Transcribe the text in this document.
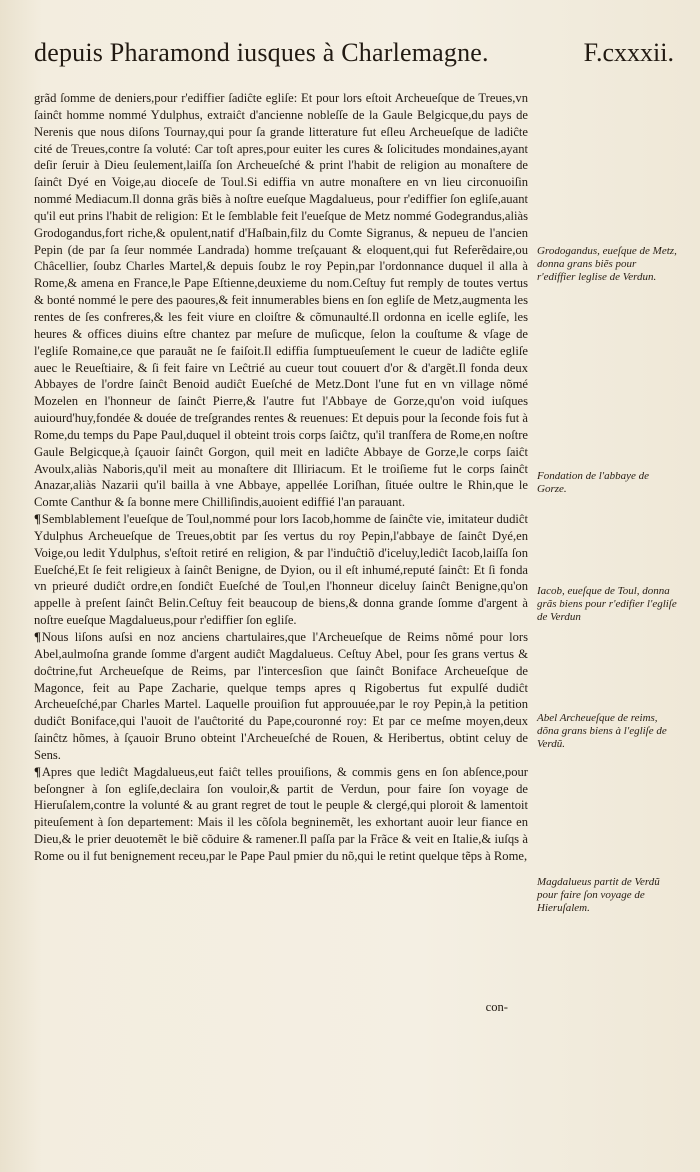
depuis Pharamond iusques à Charlemagne.	F.cxxxii.

grãd ſomme de deniers,pour r'ediffier ſadiĉte egliſe: Et pour lors eſtoit Archeueſque de Treues,vn ſainĉt homme nommé Ydulphus, extraiĉt d'ancienne nobleſſe de la Gaule Belgicque,du pays de Nerenis que nous diſons Tournay,qui pour ſa grande litterature fut eſleu Archeueſque de ladiĉte cité de Treues,contre ſa voluté: Car toſt apres,pour euiter les cures & ſolicitudes mondaines,ayant deſir ſeruir à Dieu ſeulement,laiſſa ſon Archeueſché & print l'habit de religion au monaſtere de ſainĉt Dyé en Voige,au dioceſe de Toul.Si ediffia vn autre monaſtere en vn lieu circonuoiſin nommé Mediacum.Il donna grãs biẽs à noſtre eueſque Magdalueus, pour r'ediffier ſon egliſe,auant qu'il eut prins l'habit de religion: Et le ſemblable feit l'eueſque de Metz nommé Godegrandus,aliàs Grodogandus,fort riche,& opulent,natif d'Haſbain,filz du Comte Sigranus, & nepueu de l'ancien Pepin (de par ſa ſeur nommée Landrada) homme treſçauant & eloquent,qui fut Referẽdaire,ou Châcellier, ſoubz Charles Martel,& depuis ſoubz le roy Pepin,par l'ordonnance duquel il alla à Rome,& amena en France,le Pape Eſtienne,deuxieme du nom.Ceſtuy fut remply de toutes vertus & bonté nommé le pere des paoures,& feit innumerables biens en ſon egliſe de Metz,augmenta les rentes de ſes confreres,& les feit viure en cloiſtre & cõmunaulté.Il ordonna en icelle egliſe, les heures & offices diuins eſtre chantez par meſure de muſicque, ſelon la couſtume & vſage de l'egliſe Romaine,ce que parauãt ne ſe faiſoit.Il ediffia ſumptueuſement le cueur de ladiĉte egliſe auec le Reueſtiaire, & ſi feit faire vn Leĉtrié au cueur tout couuert d'or & d'argẽt.Il fonda deux Abbayes de l'ordre ſainĉt Benoid audiĉt Eueſché de Metz.Dont l'une fut en vn village nõmé Mozelen en l'honneur de ſainĉt Pierre,& l'autre fut l'Abbaye de Gorze,qu'on void iuſques auiourd'huy,fondée & douée de treſgrandes rentes & reuenues: Et depuis pour la ſeconde fois fut à Rome,du temps du Pape Paul,duquel il obteint trois corps ſaiĉtz, qu'il tranſfera de Rome,en noſtre Gaule Belgicque,à ſçauoir ſainĉt Gorgon, quil meit en ladiĉte Abbaye de Gorze,le corps ſaiĉt Avoulx,aliàs Naboris,qu'il meit au monaſtere dit Illiriacum. Et le troiſieme fut le corps ſainĉt Anazar,aliàs Nazarii qu'il bailla à vne Abbaye, appellée Loriſhan, ſituée oultre le Rhin,que le Comte Canthur & ſa bonne mere Chilliſindis,auoient ediffié l'an parauant.

¶Semblablement l'eueſque de Toul,nommé pour lors Iacob,homme de ſainĉte vie, imitateur dudiĉt Ydulphus Archeueſque de Treues,obtit par ſes vertus du roy Pepin,l'abbaye de ſainĉt Dyé,en Voige,ou ledit Ydulphus, s'eſtoit retiré en religion, & par l'induĉtiõ d'iceluy,lediĉt Iacob,laiſſa ſon Eueſché,Et ſe feit religieux à ſainĉt Benigne, de Dyion, ou il eſt inhumé,reputé ſainĉt: Et ſi fonda vn prieuré dudiĉt ordre,en ſondiĉt Eueſché de Toul,en l'honneur diceluy ſainĉt Benigne,qu'on appelle à preſent ſainĉt Belin.Ceſtuy feit beaucoup de biens,& donna grande ſomme d'argent à noſtre eueſque Magdalueus,pour r'ediffier ſon egliſe.

¶Nous liſons auſsi en noz anciens chartulaires,que l'Archeueſque de Reims nõmé pour lors Abel,aulmoſna grande ſomme d'argent audiĉt Magdalueus. Ceſtuy Abel, pour ſes grans vertus & doĉtrine,fut Archeueſque de Reims, par l'intercesſion que ſainĉt Boniface Archeueſque de Magonce, feit au Pape Zacharie, quelque temps apres q Rigobertus fut expulſé dudiĉt Archeueſché,par Charles Martel. Laquelle prouiſion fut approuuée,par le roy Pepin,à la petition dudiĉt Boniface,qui l'auoit de l'auĉtorité du Pape,couronné roy: Et par ce meſme moyen,deux ſainĉtz hõmes, à ſçauoir Bruno obteint l'Archeueſché de Rouen, & Heribertus, obtint celuy de Sens.

¶Apres que lediĉt Magdalueus,eut faiĉt telles prouiſions, & commis gens en ſon abſence,pour beſongner à ſon egliſe,declaira ſon vouloir,& partit de Verdun, pour faire ſon voyage de Hieruſalem,contre la volunté & au grant regret de tout le peuple & clergé,qui ploroit & lamentoit piteuſement à ſon departement: Mais il les cõſola begninemẽt, les exhortant auoir leur fiance en Dieu,& le prier deuotemẽt le biẽ cõduire & ramener.Il paſſa par la Frãce & veit en Italie,& iuſqs à Rome ou il fut benignement receu,par le Pape Paul pmier du nõ,qui le retint quelque tẽps à Rome,

Grodogandus, eueſque de Metz, donna grans biẽs pour r'ediffier leglise de Verdun.
Fondation de l'abbaye de Gorze.
Iacob, eueſque de Toul, donna grãs biens pour r'edifier l'egliſe de Verdun
Abel Archeueſque de reims, dõna grans biens à l'egliſe de Verdũ.
Magdalueus partit de Verdũ pour faire ſon voyage de Hieruſalem.
con-
